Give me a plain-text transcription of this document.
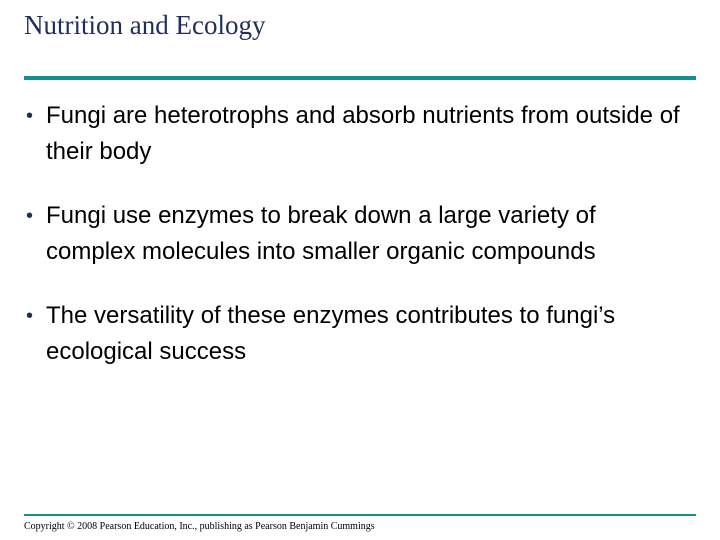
Nutrition and Ecology
• Fungi are heterotrophs and absorb nutrients from outside of their body
• Fungi use enzymes to break down a large variety of complex molecules into smaller organic compounds
• The versatility of these enzymes contributes to fungi’s ecological success
Copyright © 2008 Pearson Education, Inc., publishing as Pearson Benjamin Cummings
